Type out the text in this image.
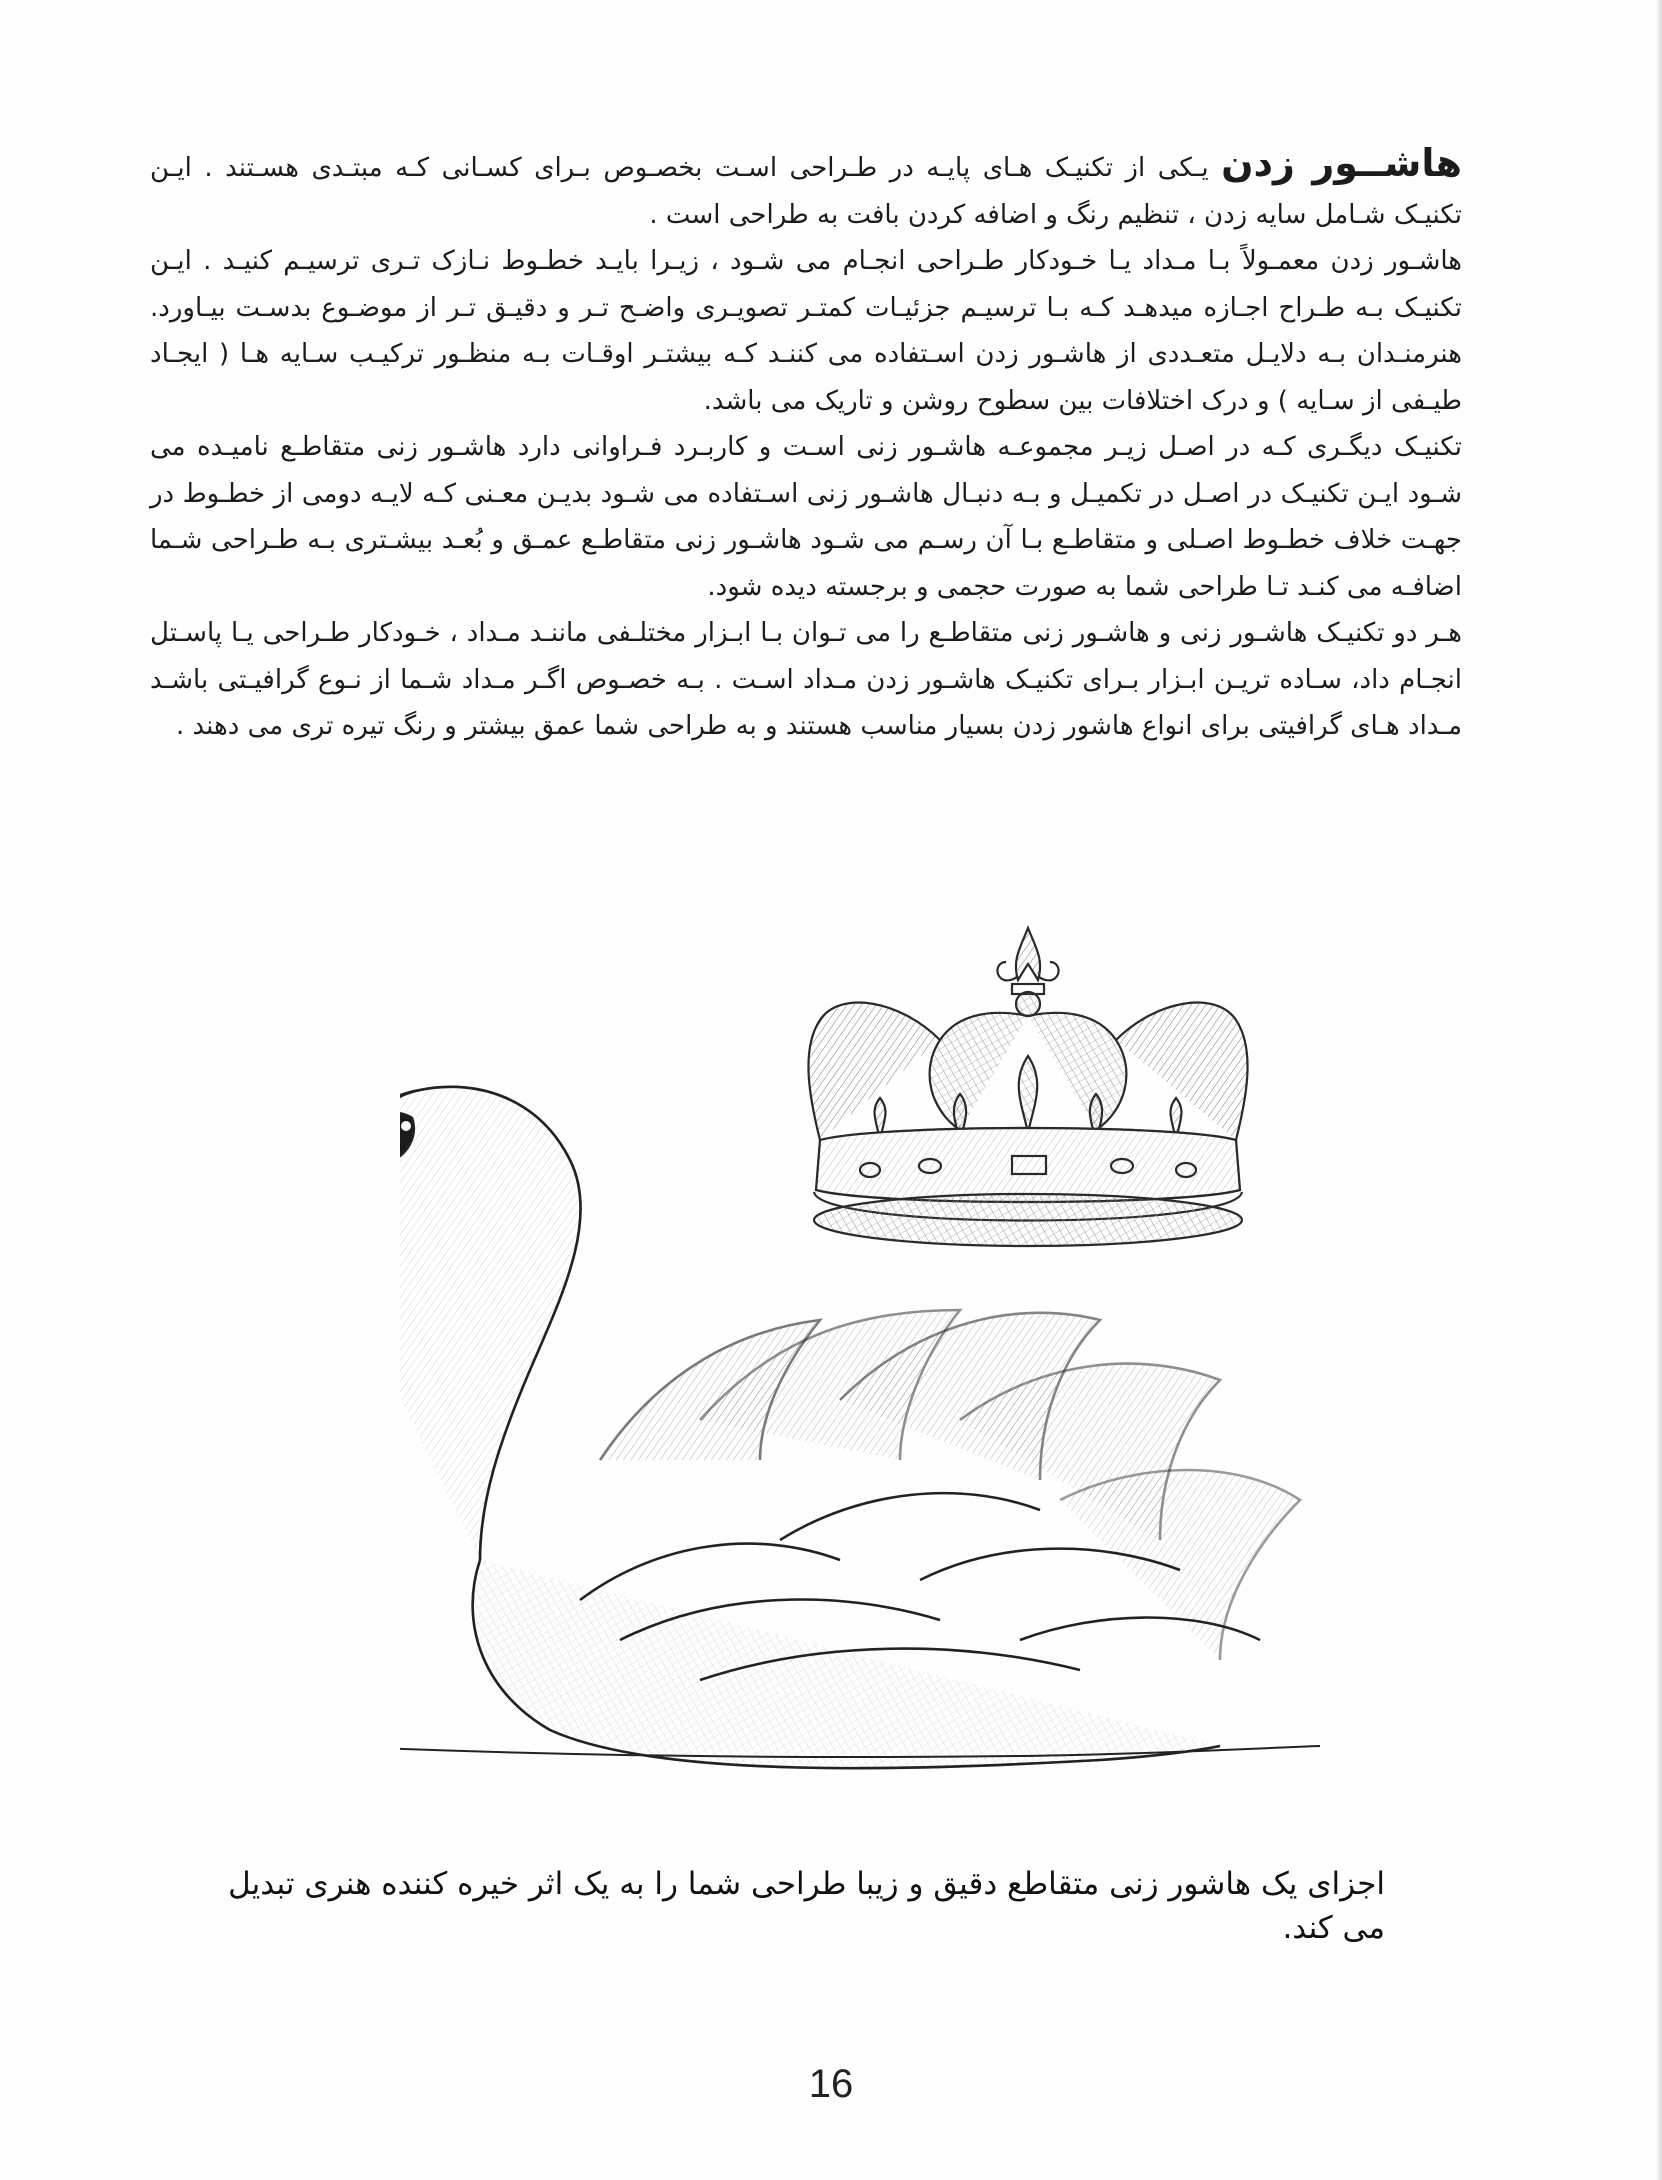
هاشــور زدن یـکی از تکنیـک هـای پایـه در طـراحی اسـت بخصـوص بـرای کسـانی کـه مبتـدی هسـتند . ایـن تکنیـک شـامل سایه زدن ، تنظیم رنگ و اضافه کردن بافت به طراحی است .

هاشـور زدن معمـولاً بـا مـداد یـا خـودکار طـراحی انجـام می شـود ، زیـرا بایـد خطـوط نـازک تـری ترسیـم کنیـد . ایـن تکنیـک بـه طـراح اجـازه میدهـد کـه بـا ترسیـم جزئیـات کمتـر تصویـری واضـح تـر و دقیـق تـر از موضـوع بدسـت بیـاورد. هنرمنـدان بـه دلایـل متعـددی از هاشـور زدن اسـتفاده می کننـد کـه بیشتـر اوقـات بـه منظـور ترکیـب سـایه هـا ( ایجـاد طیـفی از سـایه ) و درک اختلافات بین سطوح روشن و تاریک می باشد.

تکنیـک دیگـری کـه در اصـل زیـر مجموعـه هاشـور زنی اسـت و کاربـرد فـراوانی دارد هاشـور زنی متقاطـع نامیـده می شـود ایـن تکنیـک در اصـل در تکمیـل و بـه دنبـال هاشـور زنی اسـتفاده می شـود بدیـن معـنی کـه لایـه دومی از خطـوط در جهـت خلاف خطـوط اصـلی و متقاطـع بـا آن رسـم می شـود هاشـور زنی متقاطـع عمـق و بُعـد بیشـتری بـه طـراحی شـما اضافـه می کنـد تـا طراحی شما به صورت حجمی و برجسته دیده شود.

هـر دو تکنیـک هاشـور زنی و هاشـور زنی متقاطـع را می تـوان بـا ابـزار مختلـفی ماننـد مـداد ، خـودکار طـراحی یـا پاسـتل انجـام داد، سـاده تریـن ابـزار بـرای تکنیـک هاشـور زدن مـداد اسـت . بـه خصـوص اگـر مـداد شـما از نـوع گرافیـتی باشـد مـداد هـای گرافیتی برای انواع هاشور زدن بسیار مناسب هستند و به طراحی شما عمق بیشتر و رنگ تیره تری می دهند .

اجزای یک هاشور زنی متقاطع دقیق و زیبا طراحی شما را به یک اثر خیره کننده هنری تبدیل می کند.
16
